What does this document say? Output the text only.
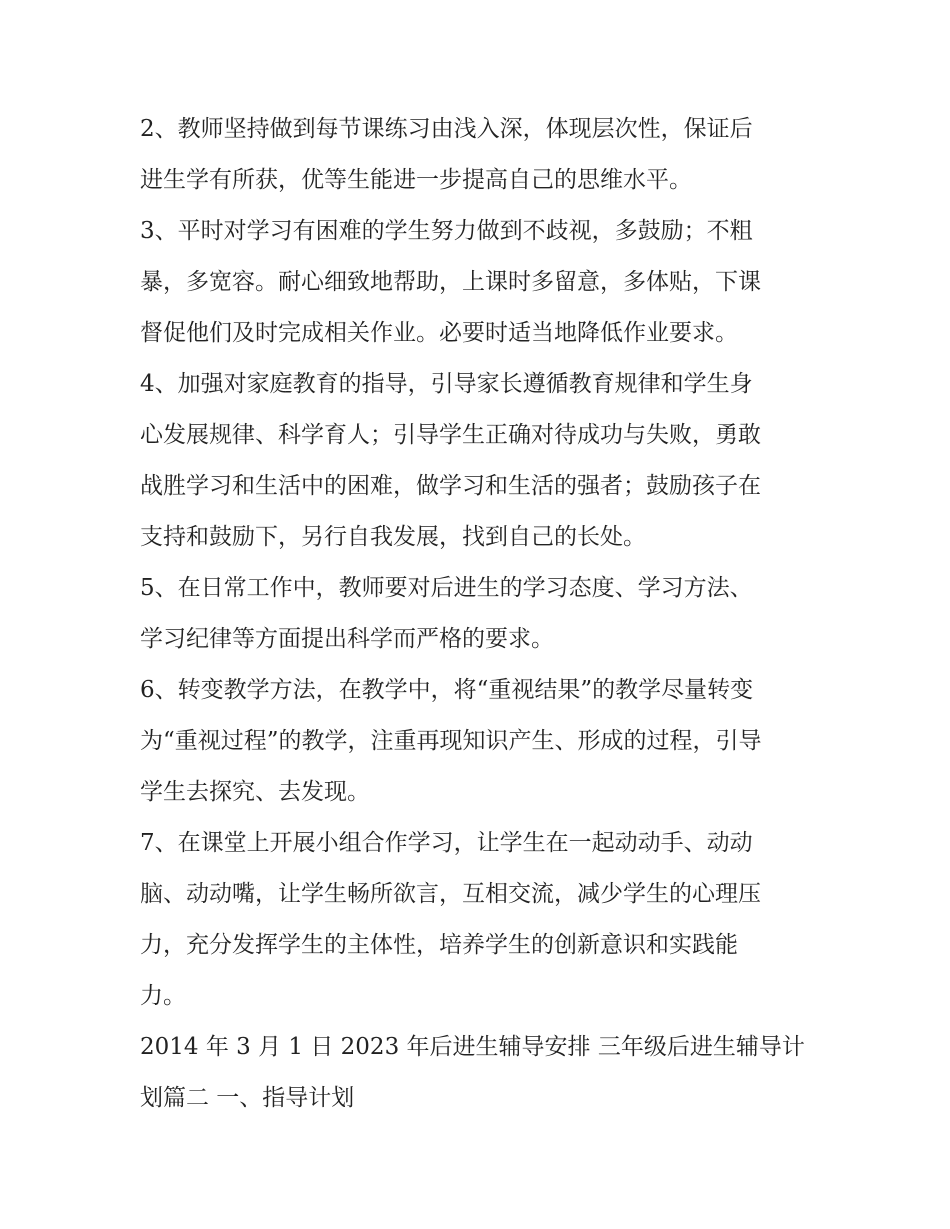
2、教师坚持做到每节课练习由浅入深，体现层次性，保证后
进生学有所获，优等生能进一步提高自己的思维水平。
3、平时对学习有困难的学生努力做到不歧视，多鼓励；不粗
暴，多宽容。耐心细致地帮助，上课时多留意，多体贴，下课
督促他们及时完成相关作业。必要时适当地降低作业要求。
4、加强对家庭教育的指导，引导家长遵循教育规律和学生身
心发展规律、科学育人；引导学生正确对待成功与失败，勇敢
战胜学习和生活中的困难，做学习和生活的强者；鼓励孩子在
支持和鼓励下，另行自我发展，找到自己的长处。
5、在日常工作中，教师要对后进生的学习态度、学习方法、
学习纪律等方面提出科学而严格的要求。
6、转变教学方法，在教学中，将“重视结果”的教学尽量转变
为“重视过程”的教学，注重再现知识产生、形成的过程，引导
学生去探究、去发现。
7、在课堂上开展小组合作学习，让学生在一起动动手、动动
脑、动动嘴，让学生畅所欲言，互相交流，减少学生的心理压
力，充分发挥学生的主体性，培养学生的创新意识和实践能
力。
2014 年 3 月 1 日 2023 年后进生辅导安排 三年级后进生辅导计
划篇二 一、指导计划
